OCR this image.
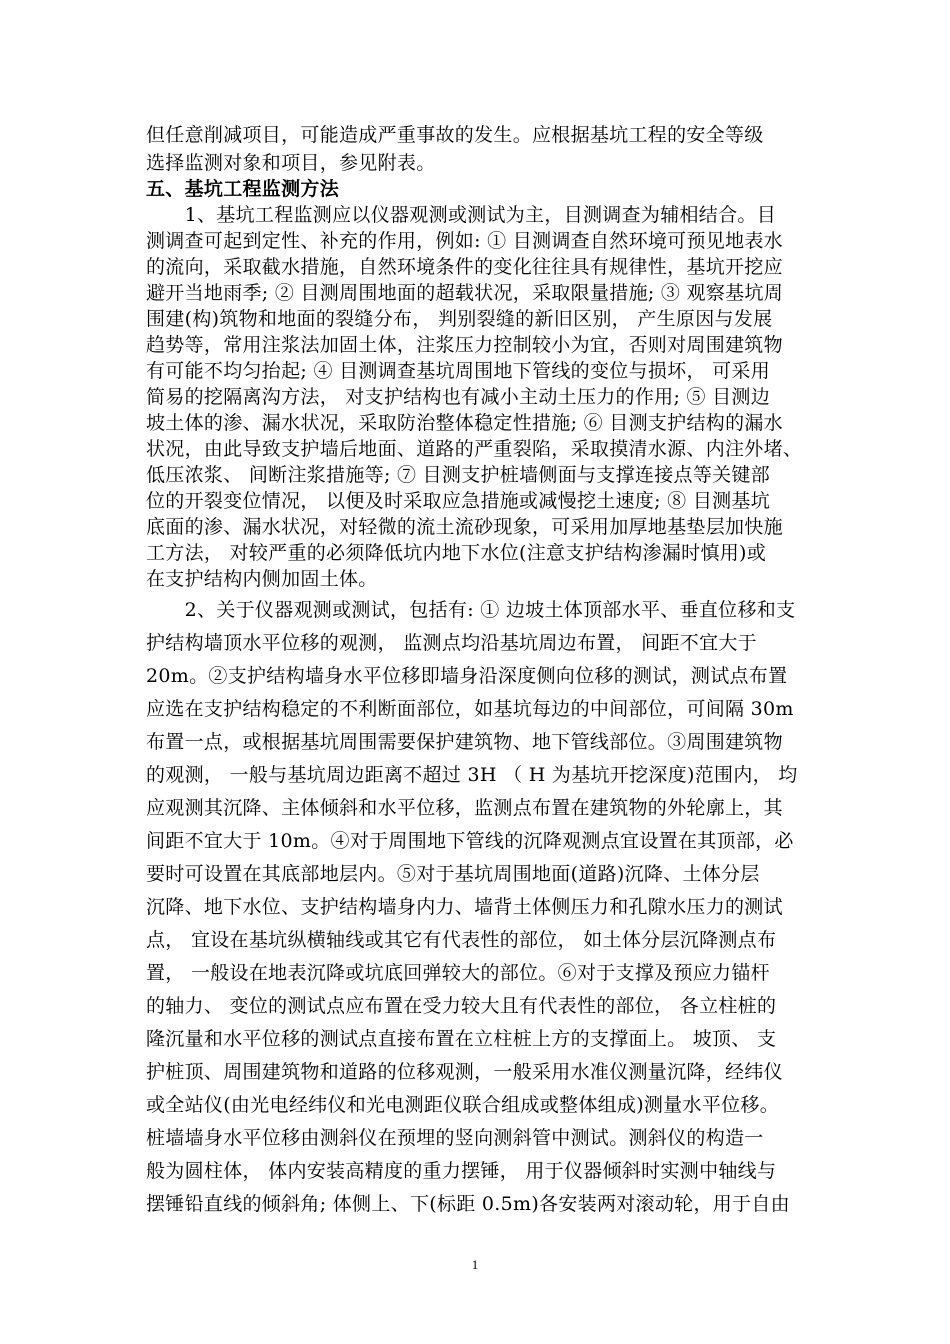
但任意削减项目，可能造成严重事故的发生。应根据基坑工程的安全等级
选择监测对象和项目，参见附表。
五、基坑工程监测方法
　　1、基坑工程监测应以仪器观测或测试为主，目测调查为辅相结合。目
测调查可起到定性、补充的作用，例如: ① 目测调查自然环境可预见地表水
的流向，采取截水措施，自然环境条件的变化往往具有规律性，基坑开挖应
避开当地雨季; ② 目测周围地面的超载状况，采取限量措施; ③ 观察基坑周
围建(构)筑物和地面的裂缝分布， 判别裂缝的新旧区别， 产生原因与发展
趋势等，常用注浆法加固土体，注浆压力控制较小为宜，否则对周围建筑物
有可能不均匀抬起; ④ 目测调查基坑周围地下管线的变位与损坏， 可采用
简易的挖隔离沟方法， 对支护结构也有减小主动土压力的作用; ⑤ 目测边
坡土体的渗、漏水状况，采取防治整体稳定性措施; ⑥ 目测支护结构的漏水
状况，由此导致支护墙后地面、道路的严重裂陷，采取摸清水源、内注外堵、
低压浓浆、 间断注浆措施等; ⑦ 目测支护桩墙侧面与支撑连接点等关键部
位的开裂变位情况， 以便及时采取应急措施或减慢挖土速度; ⑧ 目测基坑
底面的渗、漏水状况，对轻微的流土流砂现象，可采用加厚地基垫层加快施
工方法， 对较严重的必须降低坑内地下水位(注意支护结构渗漏时慎用)或
在支护结构内侧加固土体。
　　2、关于仪器观测或测试，包括有: ① 边坡土体顶部水平、垂直位移和支
护结构墙顶水平位移的观测， 监测点均沿基坑周边布置， 间距不宜大于
20m。②支护结构墙身水平位移即墙身沿深度侧向位移的测试，测试点布置
应选在支护结构稳定的不利断面部位，如基坑每边的中间部位，可间隔 30m
布置一点，或根据基坑周围需要保护建筑物、地下管线部位。③周围建筑物
的观测， 一般与基坑周边距离不超过 3H （ H 为基坑开挖深度)范围内， 均
应观测其沉降、主体倾斜和水平位移，监测点布置在建筑物的外轮廓上，其
间距不宜大于 10m。④对于周围地下管线的沉降观测点宜设置在其顶部，必
要时可设置在其底部地层内。⑤对于基坑周围地面(道路)沉降、土体分层
沉降、地下水位、支护结构墙身内力、墙背土体侧压力和孔隙水压力的测试
点， 宜设在基坑纵横轴线或其它有代表性的部位， 如土体分层沉降测点布
置， 一般设在地表沉降或坑底回弹较大的部位。⑥对于支撑及预应力锚杆
的轴力、 变位的测试点应布置在受力较大且有代表性的部位， 各立柱桩的
隆沉量和水平位移的测试点直接布置在立柱桩上方的支撑面上。 坡顶、 支
护桩顶、周围建筑物和道路的位移观测，一般采用水准仪测量沉降，经纬仪
或全站仪(由光电经纬仪和光电测距仪联合组成或整体组成)测量水平位移。
桩墙墙身水平位移由测斜仪在预埋的竖向测斜管中测试。测斜仪的构造一
般为圆柱体， 体内安装高精度的重力摆锤， 用于仪器倾斜时实测中轴线与
摆锤铅直线的倾斜角; 体侧上、下(标距 0.5m)各安装两对滚动轮，用于自由
1
